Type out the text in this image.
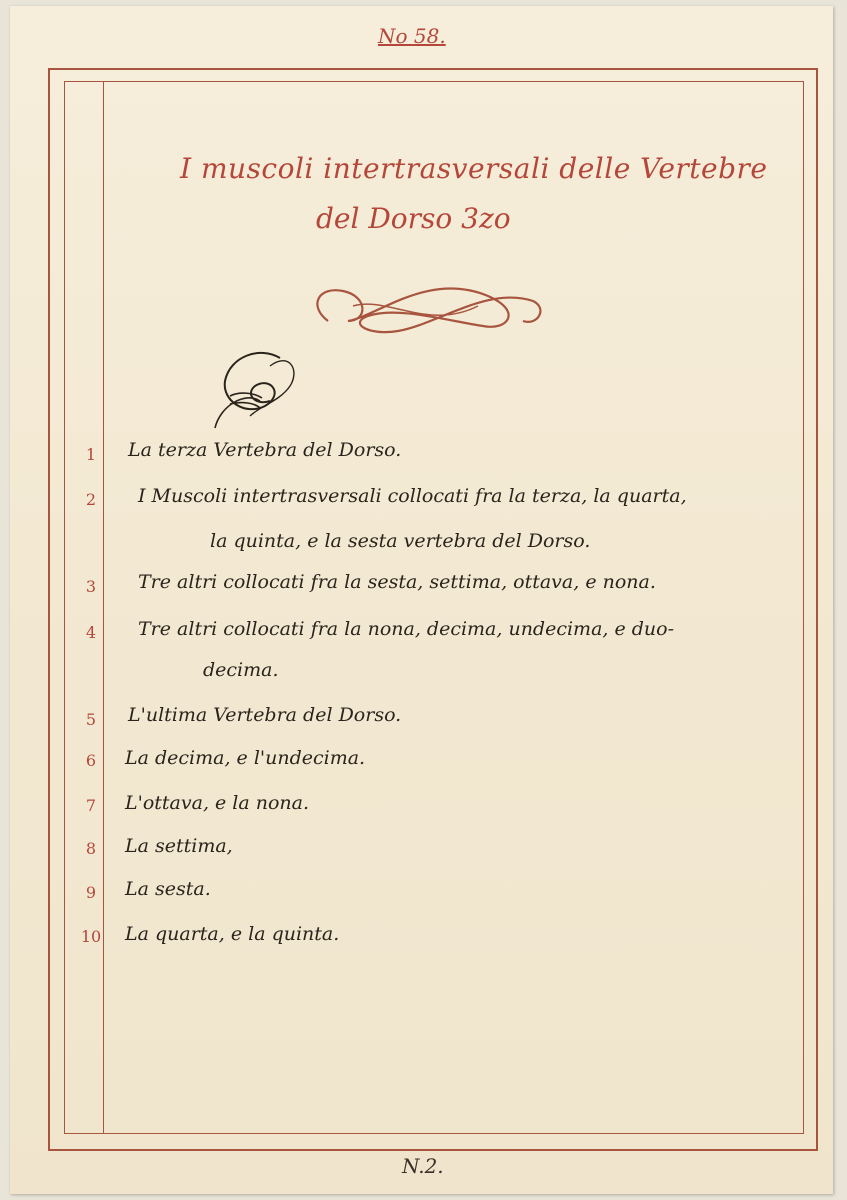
No 58.
I muscoli intertrasversali delle Vertebre
del Dorso 3zo
1	La terza Vertebra del Dorso.
2	I Muscoli intertrasversali collocati fra la terza, la quarta,
la quinta, e la sesta vertebra del Dorso.
3	Tre altri collocati fra la sesta, settima, ottava, e nona.
4	Tre altri collocati fra la nona, decima, undecima, e duo-
decima.
5	L'ultima Vertebra del Dorso.
6	La decima, e l'undecima.
7	L'ottava, e la nona.
8	La settima,
9	La sesta.
10 La quarta, e la quinta.
N.2.
